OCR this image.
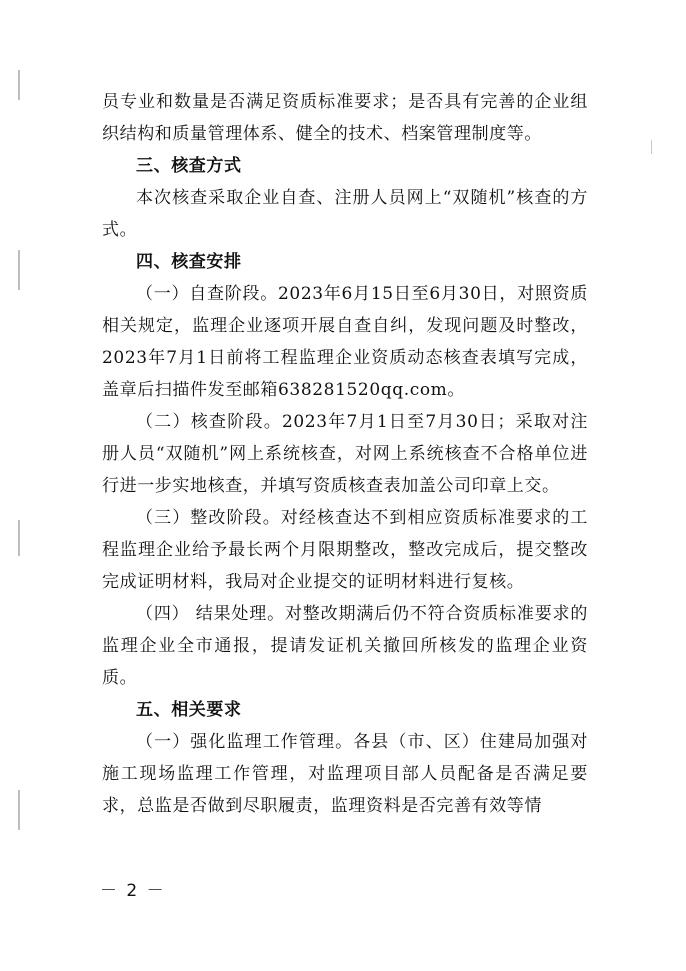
员专业和数量是否满足资质标准要求；是否具有完善的企业组织结构和质量管理体系、健全的技术、档案管理制度等。

三、核查方式

本次核查采取企业自查、注册人员网上“双随机”核查的方式。

四、核查安排

（一）自查阶段。2023年6月15日至6月30日，对照资质相关规定，监理企业逐项开展自查自纠，发现问题及时整改，2023年7月1日前将工程监理企业资质动态核查表填写完成，盖章后扫描件发至邮箱638281520qq.com。

（二）核查阶段。2023年7月1日至7月30日；采取对注册人员“双随机”网上系统核查，对网上系统核查不合格单位进行进一步实地核查，并填写资质核查表加盖公司印章上交。

（三）整改阶段。对经核查达不到相应资质标准要求的工程监理企业给予最长两个月限期整改，整改完成后，提交整改完成证明材料，我局对企业提交的证明材料进行复核。

（四） 结果处理。对整改期满后仍不符合资质标准要求的监理企业全市通报，提请发证机关撤回所核发的监理企业资质。

五、相关要求

（一）强化监理工作管理。各县（市、区）住建局加强对施工现场监理工作管理，对监理项目部人员配备是否满足要求，总监是否做到尽职履责，监理资料是否完善有效等情

－ 2 －
